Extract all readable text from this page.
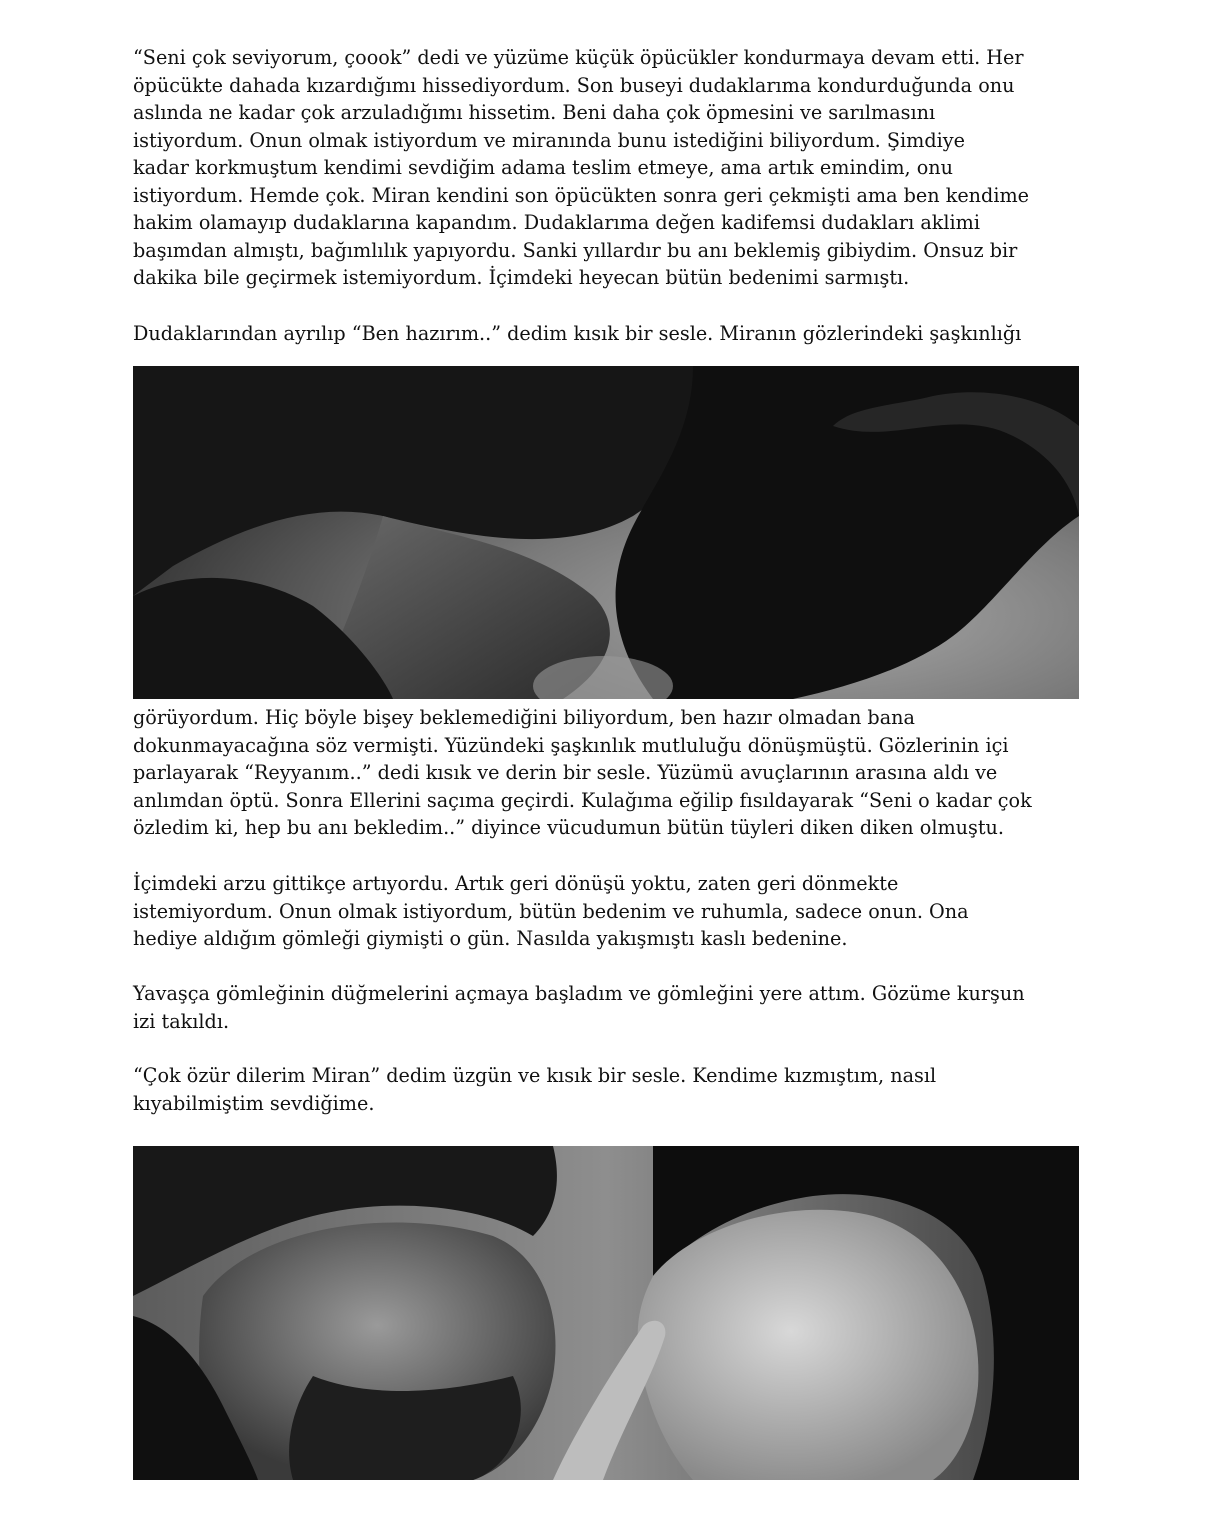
“Seni çok seviyorum, çoook” dedi ve yüzüme küçük öpücükler kondurmaya devam etti. Her
öpücükte dahada kızardığımı hissediyordum. Son buseyi dudaklarıma kondurduğunda onu
aslında ne kadar çok arzuladığımı hissetim. Beni daha çok öpmesini ve sarılmasını
istiyordum. Onun olmak istiyordum ve miranında bunu istediğini biliyordum. Şimdiye
kadar korkmuştum kendimi sevdiğim adama teslim etmeye, ama artık emindim, onu
istiyordum. Hemde çok. Miran kendini son öpücükten sonra geri çekmişti ama ben kendime
hakim olamayıp dudaklarına kapandım. Dudaklarıma değen kadifemsi dudakları aklimi
başımdan almıştı, bağımlılık yapıyordu. Sanki yıllardır bu anı beklemiş gibiydim. Onsuz bir
dakika bile geçirmek istemiyordum. İçimdeki heyecan bütün bedenimi sarmıştı.

Dudaklarından ayrılıp “Ben hazırım..” dedim kısık bir sesle. Miranın gözlerindeki şaşkınlığı

görüyordum. Hiç böyle bişey beklemediğini biliyordum, ben hazır olmadan bana
dokunmayacağına söz vermişti. Yüzündeki şaşkınlık mutluluğu dönüşmüştü. Gözlerinin içi
parlayarak “Reyyanım..” dedi kısık ve derin bir sesle. Yüzümü avuçlarının arasına aldı ve
anlımdan öptü. Sonra Ellerini saçıma geçirdi. Kulağıma eğilip fısıldayarak “Seni o kadar çok
özledim ki, hep bu anı bekledim..” diyince vücudumun bütün tüyleri diken diken olmuştu.

İçimdeki arzu gittikçe artıyordu. Artık geri dönüşü yoktu, zaten geri dönmekte
istemiyordum. Onun olmak istiyordum, bütün bedenim ve ruhumla, sadece onun. Ona
hediye aldığım gömleği giymişti o gün. Nasılda yakışmıştı kaslı bedenine.

Yavaşça gömleğinin düğmelerini açmaya başladım ve gömleğini yere attım. Gözüme kurşun
izi takıldı.

“Çok özür dilerim Miran” dedim üzgün ve kısık bir sesle. Kendime kızmıştım, nasıl
kıyabilmiştim sevdiğime.
